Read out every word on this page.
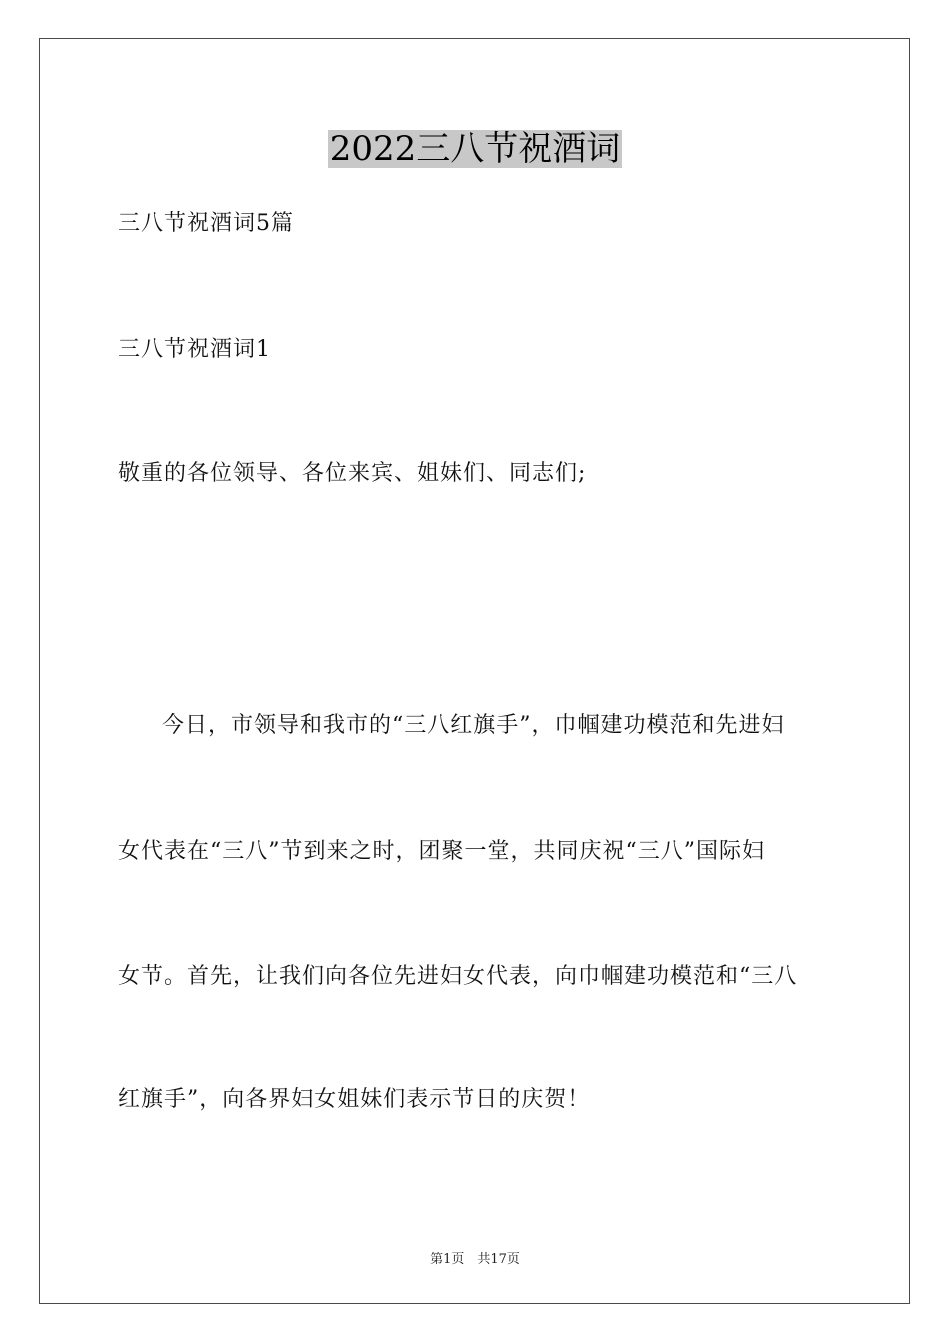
2022三八节祝酒词
三八节祝酒词5篇
三八节祝酒词1
敬重的各位领导、各位来宾、姐妹们、同志们;
今日，市领导和我市的“三八红旗手”，巾帼建功模范和先进妇
女代表在“三八”节到来之时，团聚一堂，共同庆祝“三八”国际妇
女节。首先，让我们向各位先进妇女代表，向巾帼建功模范和“三八
红旗手”，向各界妇女姐妹们表示节日的庆贺！
第1页　共17页
